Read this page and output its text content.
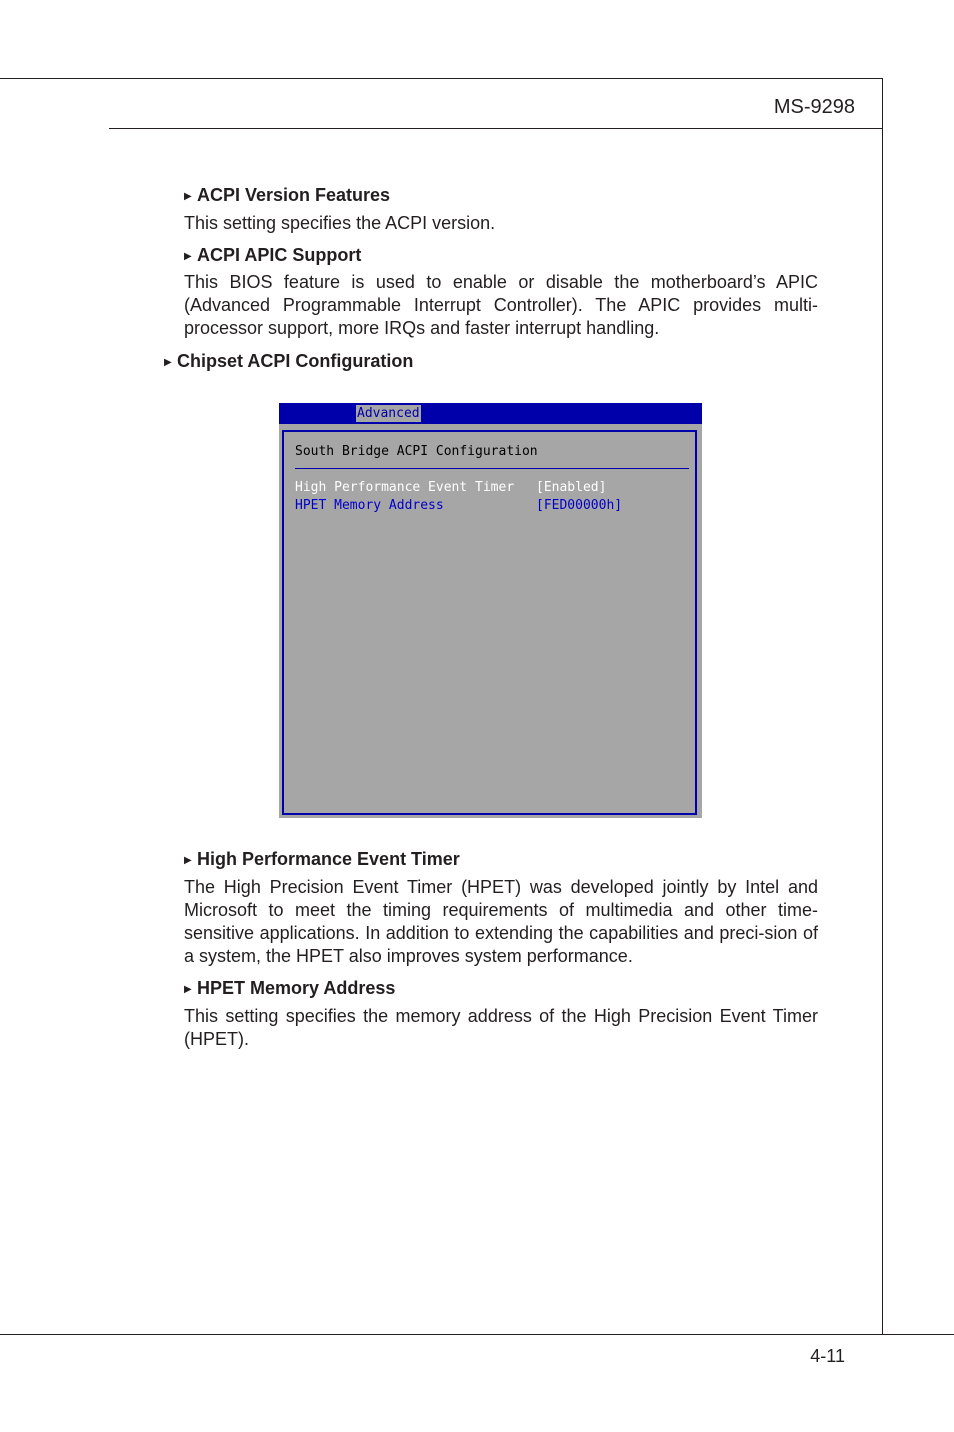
MS-9298
▶ ACPI Version Features
This setting specifies the ACPI version.
▶ ACPI APIC Support
This BIOS feature is used to enable or disable the motherboard’s APIC (Advanced Programmable Interrupt Controller). The APIC provides multi-processor support, more IRQs and faster interrupt handling.
▶ Chipset ACPI Configuration
Advanced
South Bridge ACPI Configuration
High Performance Event Timer [Enabled]
HPET Memory Address	[FED00000h]
▶ High Performance Event Timer
The High Precision Event Timer (HPET) was developed jointly by Intel and Microsoft to meet the timing requirements of multimedia and other time-sensitive applications. In addition to extending the capabilities and preci-sion of a system, the HPET also improves system performance.
▶ HPET Memory Address
This setting specifies the memory address of the High Precision Event Timer (HPET).
4-11
